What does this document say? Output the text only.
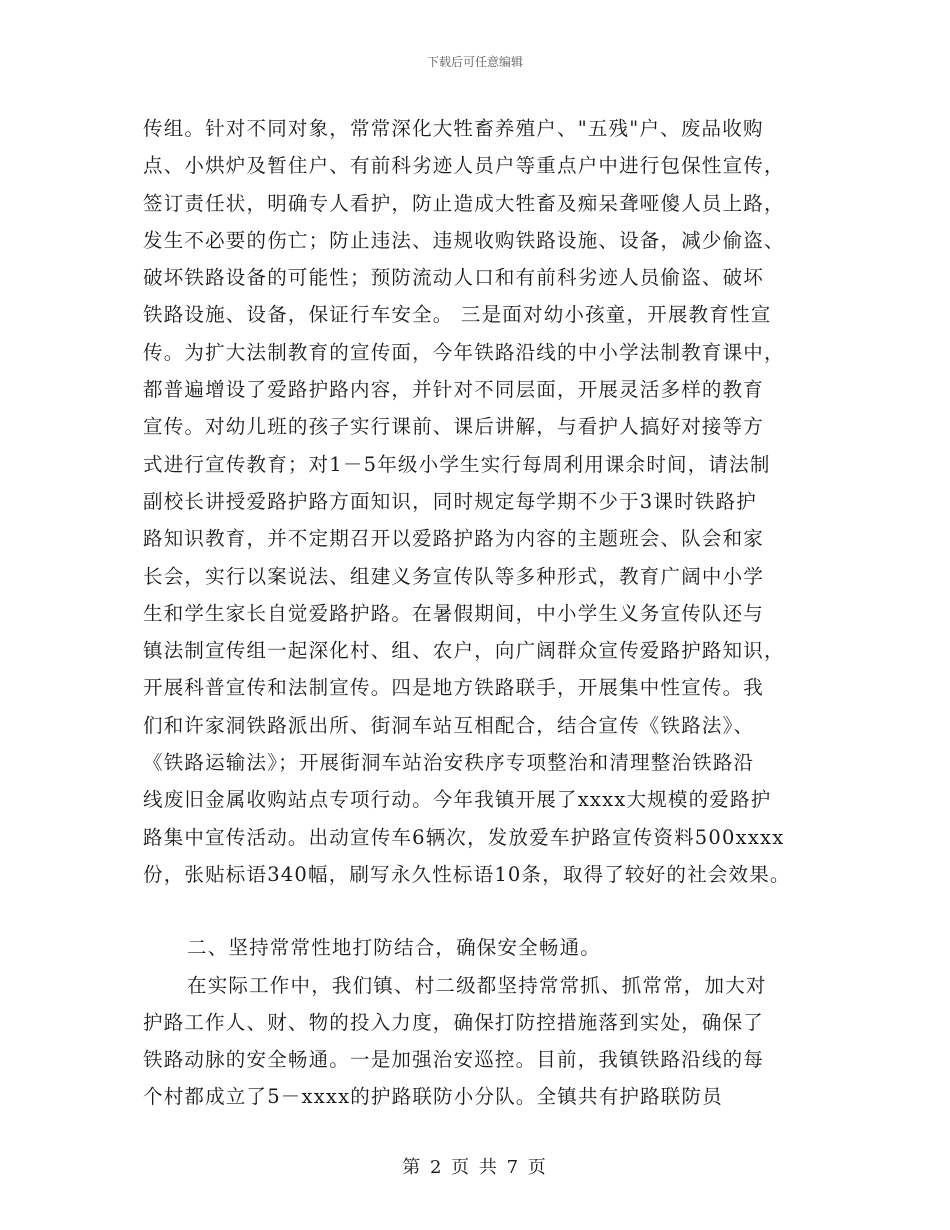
下载后可任意编辑
传组。针对不同对象，常常深化大牲畜养殖户、"五残"户、废品收购
点、小烘炉及暂住户、有前科劣迹人员户等重点户中进行包保性宣传，
签订责任状，明确专人看护，防止造成大牲畜及痴呆聋哑傻人员上路，
发生不必要的伤亡；防止违法、违规收购铁路设施、设备，减少偷盗、
破坏铁路设备的可能性；预防流动人口和有前科劣迹人员偷盗、破坏
铁路设施、设备，保证行车安全。 三是面对幼小孩童，开展教育性宣
传。为扩大法制教育的宣传面，今年铁路沿线的中小学法制教育课中，
都普遍增设了爱路护路内容，并针对不同层面，开展灵活多样的教育
宣传。对幼儿班的孩子实行课前、课后讲解，与看护人搞好对接等方
式进行宣传教育；对1－5年级小学生实行每周利用课余时间，请法制
副校长讲授爱路护路方面知识，同时规定每学期不少于3课时铁路护
路知识教育，并不定期召开以爱路护路为内容的主题班会、队会和家
长会，实行以案说法、组建义务宣传队等多种形式，教育广阔中小学
生和学生家长自觉爱路护路。在暑假期间，中小学生义务宣传队还与
镇法制宣传组一起深化村、组、农户，向广阔群众宣传爱路护路知识，
开展科普宣传和法制宣传。四是地方铁路联手，开展集中性宣传。我
们和许家洞铁路派出所、街洞车站互相配合，结合宣传《铁路法》、
《铁路运输法》；开展街洞车站治安秩序专项整治和清理整治铁路沿
线废旧金属收购站点专项行动。今年我镇开展了xxxx大规模的爱路护
路集中宣传活动。出动宣传车6辆次，发放爱车护路宣传资料500xxxx
份，张贴标语340幅，刷写永久性标语10条，取得了较好的社会效果。
二、坚持常常性地打防结合，确保安全畅通。
在实际工作中，我们镇、村二级都坚持常常抓、抓常常，加大对
护路工作人、财、物的投入力度，确保打防控措施落到实处，确保了
铁路动脉的安全畅通。一是加强治安巡控。目前，我镇铁路沿线的每
个村都成立了5－xxxx的护路联防小分队。全镇共有护路联防员
第 2 页 共 7 页
